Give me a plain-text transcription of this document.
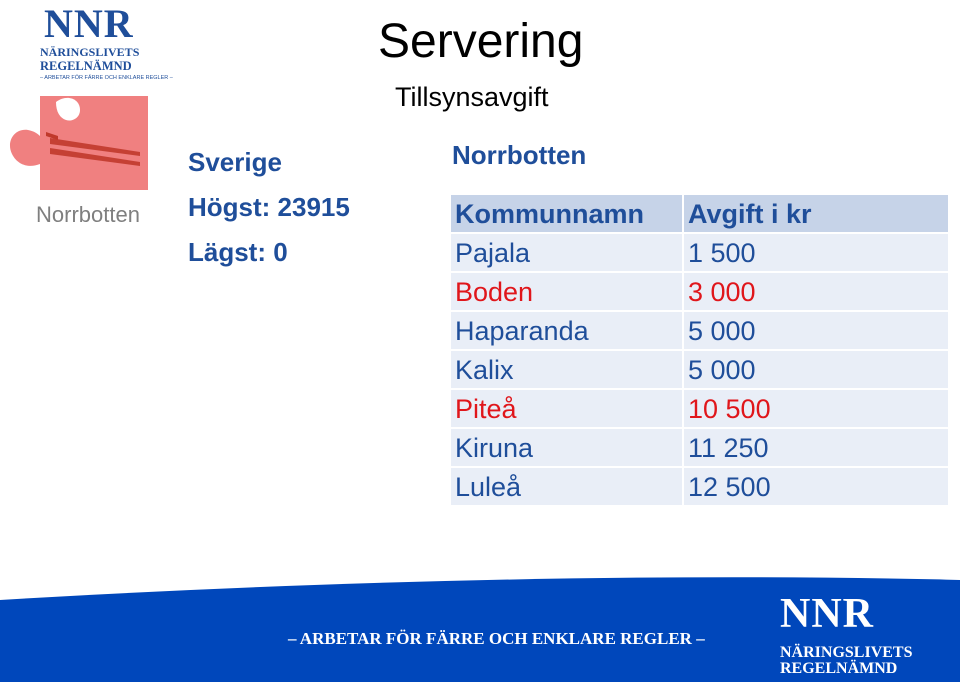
NNR
NÄRINGSLIVETS
REGELNÄMND
– ARBETAR FÖR FÄRRE OCH ENKLARE REGLER –
Norrbotten
Servering
Tillsynsavgift
Sverige
Högst: 23915
Lägst: 0
Norrbotten
Kommunnamn	Avgift i kr
Pajala	1 500
Boden	3 000
Haparanda	5 000
Kalix	5 000
Piteå	10 500
Kiruna	11 250
Luleå	12 500
– ARBETAR FÖR FÄRRE OCH ENKLARE REGLER –
NNR
NÄRINGSLIVETS
REGELNÄMND
